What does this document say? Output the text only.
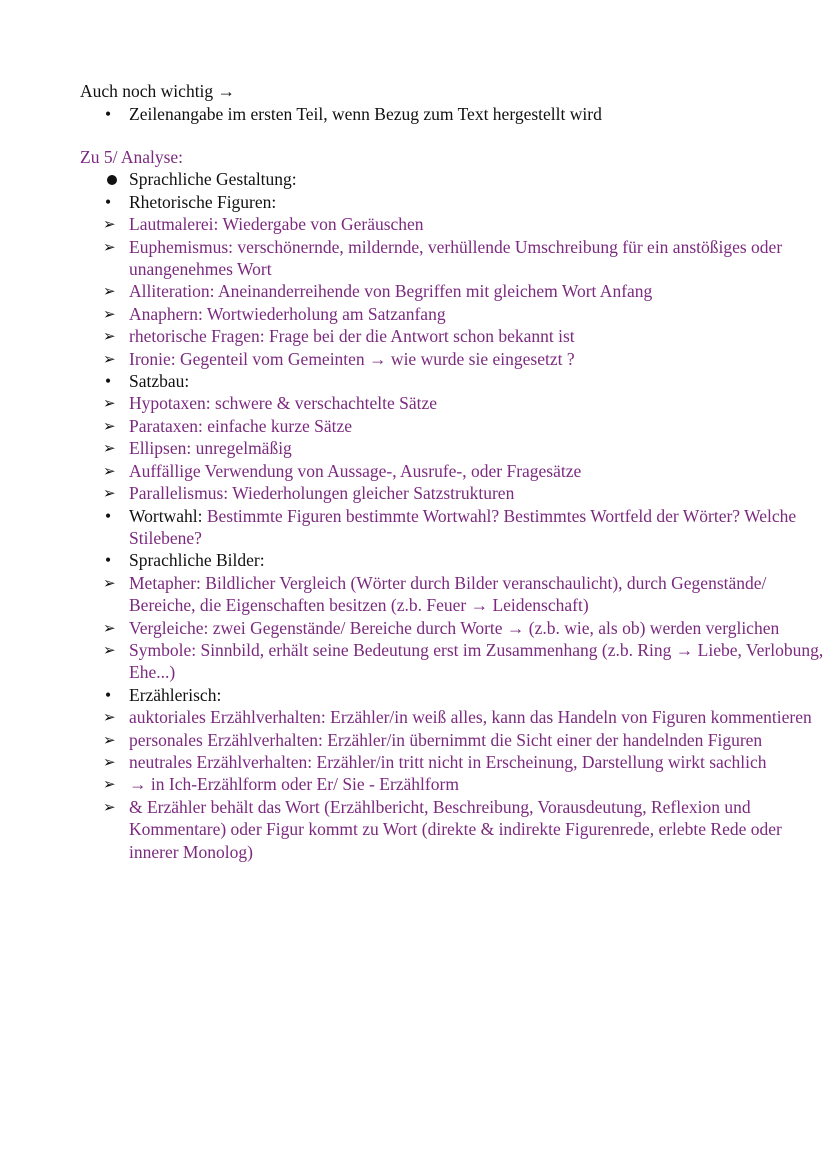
Auch noch wichtig →
• Zeilenangabe im ersten Teil, wenn Bezug zum Text hergestellt wird
Zu 5/ Analyse:
Sprachliche Gestaltung:
• Rhetorische Figuren:
➢ Lautmalerei: Wiedergabe von Geräuschen
➢ Euphemismus: verschönernde, mildernde, verhüllende Umschreibung für ein anstößiges oder unangenehmes Wort
➢ Alliteration: Aneinanderreihende von Begriffen mit gleichem Wort Anfang
➢ Anaphern: Wortwiederholung am Satzanfang
➢ rhetorische Fragen: Frage bei der die Antwort schon bekannt ist
➢ Ironie: Gegenteil vom Gemeinten → wie wurde sie eingesetzt ?
• Satzbau:
➢ Hypotaxen: schwere & verschachtelte Sätze
➢ Parataxen: einfache kurze Sätze
➢ Ellipsen: unregelmäßig
➢ Auffällige Verwendung von Aussage-, Ausrufe-, oder Fragesätze
➢ Parallelismus: Wiederholungen gleicher Satzstrukturen
• Wortwahl: Bestimmte Figuren bestimmte Wortwahl? Bestimmtes Wortfeld der Wörter? Welche Stilebene?
• Sprachliche Bilder:
➢ Metapher: Bildlicher Vergleich (Wörter durch Bilder veranschaulicht), durch Gegenstände/ Bereiche, die Eigenschaften besitzen (z.b. Feuer → Leidenschaft)
➢ Vergleiche: zwei Gegenstände/ Bereiche durch Worte → (z.b. wie, als ob) werden verglichen
➢ Symbole: Sinnbild, erhält seine Bedeutung erst im Zusammenhang (z.b. Ring → Liebe, Verlobung, Ehe...)
• Erzählerisch:
➢ auktoriales Erzählverhalten: Erzähler/in weiß alles, kann das Handeln von Figuren kommentieren
➢ personales Erzählverhalten: Erzähler/in übernimmt die Sicht einer der handelnden Figuren
➢ neutrales Erzählverhalten: Erzähler/in tritt nicht in Erscheinung, Darstellung wirkt sachlich
➢ → in Ich-Erzählform oder Er/ Sie - Erzählform
➢ & Erzähler behält das Wort (Erzählbericht, Beschreibung, Vorausdeutung, Reflexion und Kommentare) oder Figur kommt zu Wort (direkte & indirekte Figurenrede, erlebte Rede oder innerer Monolog)
